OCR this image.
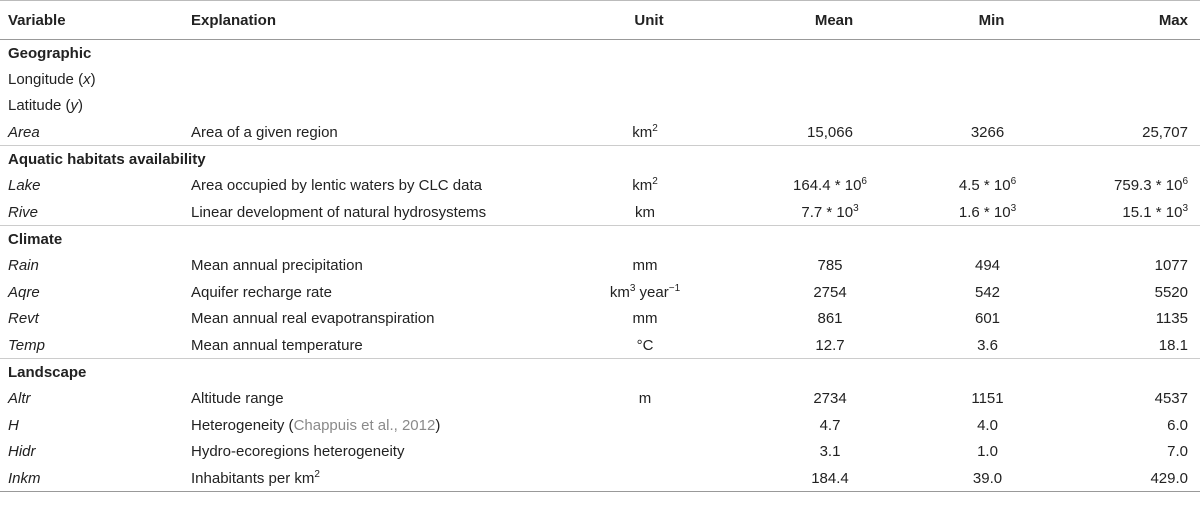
Variable	Explanation	Unit	Mean	Min	Max
Geographic					
Longitude (x)					
Latitude (y)					
Area	Area of a given region	$km^2$	15,066	3266	25,707
Aquatic habitats availability					
Lake	Area occupied by lentic waters by CLC data	$km^2$	$164.4 * 10^6$	$4.5 * 10^6$	$759.3 * 10^6$
Rive	Linear development of natural hydrosystems	km	$7.7 * 10^3$	$1.6 * 10^3$	$15.1 * 10^3$
Climate					
Rain	Mean annual precipitation	mm	785	494	1077
Aqre	Aquifer recharge rate	$km^3$ year$^{-1}$	2754	542	5520
Revt	Mean annual real evapotranspiration	mm	861	601	1135
Temp	Mean annual temperature	°C	12.7	3.6	18.1
Landscape					
Altr	Altitude range	m	2734	1151	4537
H	Heterogeneity (Chappuis et al., 2012)		4.7	4.0	6.0
Hidr	Hydro-ecoregions heterogeneity		3.1	1.0	7.0
Inkm	Inhabitants per $km^2$		184.4	39.0	429.0
